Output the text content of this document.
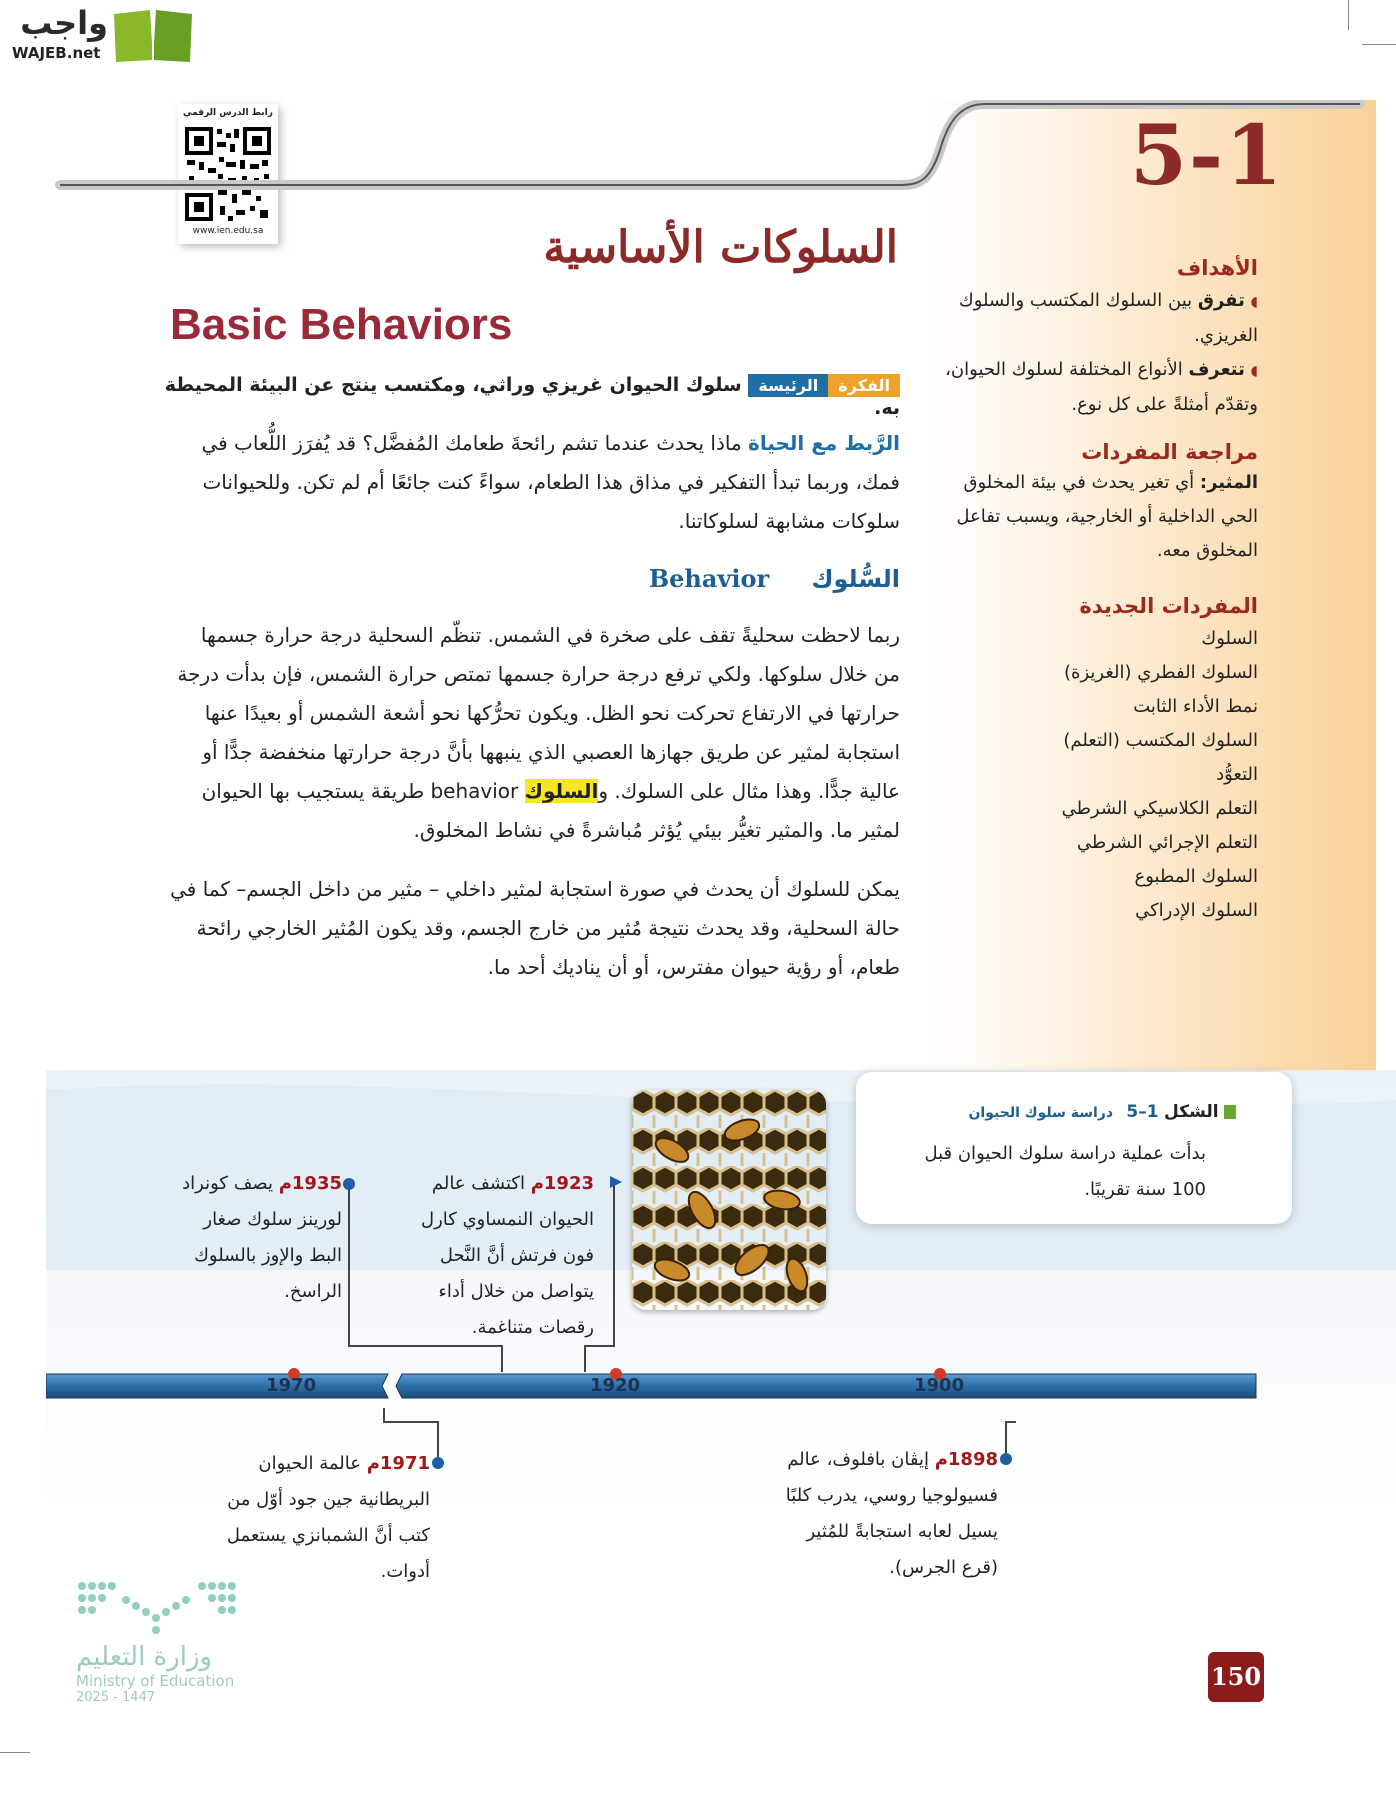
واجب
WAJEB.net
رابط الدرس الرقمي
www.ien.edu.sa
5-1
الأهداف
◖ تفرق بين السلوك المكتسب والسلوك الغريزي.
◖ تتعرف الأنواع المختلفة لسلوك الحيوان، وتقدّم أمثلةً على كل نوع.
مراجعة المفردات
المثير: أي تغير يحدث في بيئة المخلوق الحي الداخلية أو الخارجية، ويسبب تفاعل المخلوق معه.
المفردات الجديدة
السلوك
السلوك الفطري (الغريزة)
نمط الأداء الثابت
السلوك المكتسب (التعلم)
التعوُّد
التعلم الكلاسيكي الشرطي
التعلم الإجرائي الشرطي
السلوك المطبوع
السلوك الإدراكي
السلوكات الأساسية
Basic Behaviors
الفكرةالرئيسة سلوك الحيوان غريزي وراثي، ومكتسب ينتج عن البيئة المحيطة به.
الرَّبط مع الحياة ماذا يحدث عندما تشم رائحةَ طعامك المُفضَّل؟ قد يُفرَز اللُّعاب في فمك، وربما تبدأ التفكير في مذاق هذا الطعام، سواءً كنت جائعًا أم لم تكن. وللحيوانات سلوكات مشابهة لسلوكاتنا.
السُّلوك Behavior
ربما لاحظت سحليةً تقف على صخرة في الشمس. تنظّم السحلية درجة حرارة جسمها من خلال سلوكها. ولكي ترفع درجة حرارة جسمها تمتص حرارة الشمس، فإن بدأت درجة حرارتها في الارتفاع تحركت نحو الظل. ويكون تحرُّكها نحو أشعة الشمس أو بعيدًا عنها استجابة لمثير عن طريق جهازها العصبي الذي ينبهها بأنَّ درجة حرارتها منخفضة جدًّا أو عالية جدًّا. وهذا مثال على السلوك. والسلوك behavior طريقة يستجيب بها الحيوان لمثير ما. والمثير تغيُّر بيئي يُؤثر مُباشرةً في نشاط المخلوق.
يمكن للسلوك أن يحدث في صورة استجابة لمثير داخلي – مثير من داخل الجسم– كما في حالة السحلية، وقد يحدث نتيجة مُثير من خارج الجسم، وقد يكون المُثير الخارجي رائحة طعام، أو رؤية حيوان مفترس، أو أن يناديك أحد ما.
الشكل 1–5 دراسة سلوك الحيوان
بدأت عملية دراسة سلوك الحيوان قبل 100 سنة تقريبًا.
1970	1920	1900
1935م يصف كونراد لورينز سلوك صغار البط والإوز بالسلوك الراسخ.
1923م اكتشف عالم الحيوان النمساوي كارل فون فرتش أنَّ النَّحل يتواصل من خلال أداء رقصات متناغمة.
1971م عالمة الحيوان البريطانية جين جود أوّل من كتب أنَّ الشمبانزي يستعمل أدوات.
1898م إيڤان بافلوف، عالم فسيولوجيا روسي، يدرب كلبًا يسيل لعابه استجابةً للمُثير (قرع الجرس).
وزارة التعليم
Ministry of Education
2025 - 1447
150
